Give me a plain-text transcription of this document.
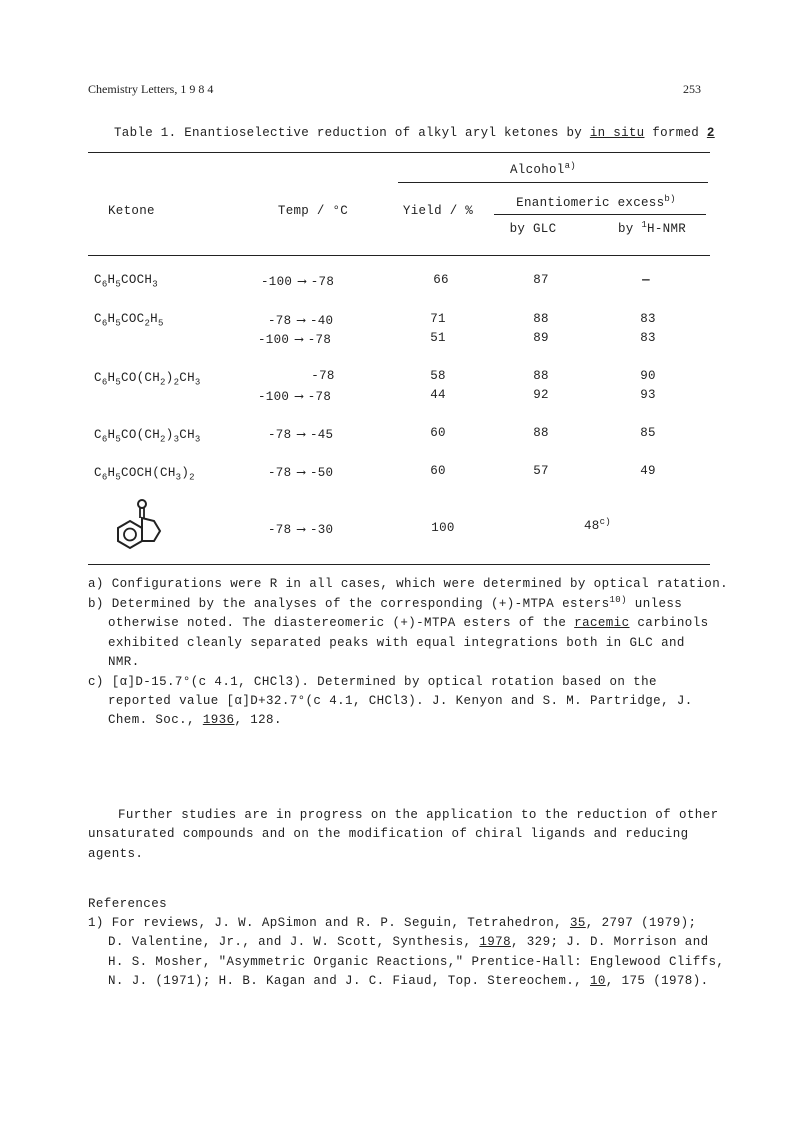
Chemistry Letters, 1 9 8 4	253
Table 1. Enantioselective reduction of alkyl aryl ketones by in situ formed 2
Alcohol$^{a)}$
Ketone	Temp / °C	Yield / %
Enantiomeric excess$^{b)}$
by GLC	by $^1$H-NMR
$C_6H_5COCH_3$	-100 ⟶ -78	66	87	—
$C_6H_5COC_2H_5$	-78 ⟶ -40	71	88	83
-100 ⟶ -78	51	89	83
$C_6H_5CO(CH_2)_2CH_3$	-78	58	88	90
-100 ⟶ -78	44	92	93
$C_6H_5CO(CH_2)_3CH_3$	-78 ⟶ -45	60	88	85
$C_6H_5COCH(CH_3)_2$	-78 ⟶ -50	60	57	49
-78 ⟶ -30	100	48$^{c)}$
a) Configurations were R in all cases, which were determined by optical ratation.
b) Determined by the analyses of the corresponding (+)-MTPA esters$^{10)}$ unless
otherwise noted. The diastereomeric (+)-MTPA esters of the racemic carbinols
exhibited cleanly separated peaks with equal integrations both in GLC and
NMR.
c) [α]D-15.7°(c 4.1, CHCl3). Determined by optical rotation based on the
reported value [α]D+32.7°(c 4.1, CHCl3). J. Kenyon and S. M. Partridge, J.
Chem. Soc., 1936, 128.
Further studies are in progress on the application to the reduction of other
unsaturated compounds and on the modification of chiral ligands and reducing
agents.
References
1) For reviews, J. W. ApSimon and R. P. Seguin, Tetrahedron, 35, 2797 (1979);
D. Valentine, Jr., and J. W. Scott, Synthesis, 1978, 329; J. D. Morrison and
H. S. Mosher, "Asymmetric Organic Reactions," Prentice-Hall: Englewood Cliffs,
N. J. (1971); H. B. Kagan and J. C. Fiaud, Top. Stereochem., 10, 175 (1978).
